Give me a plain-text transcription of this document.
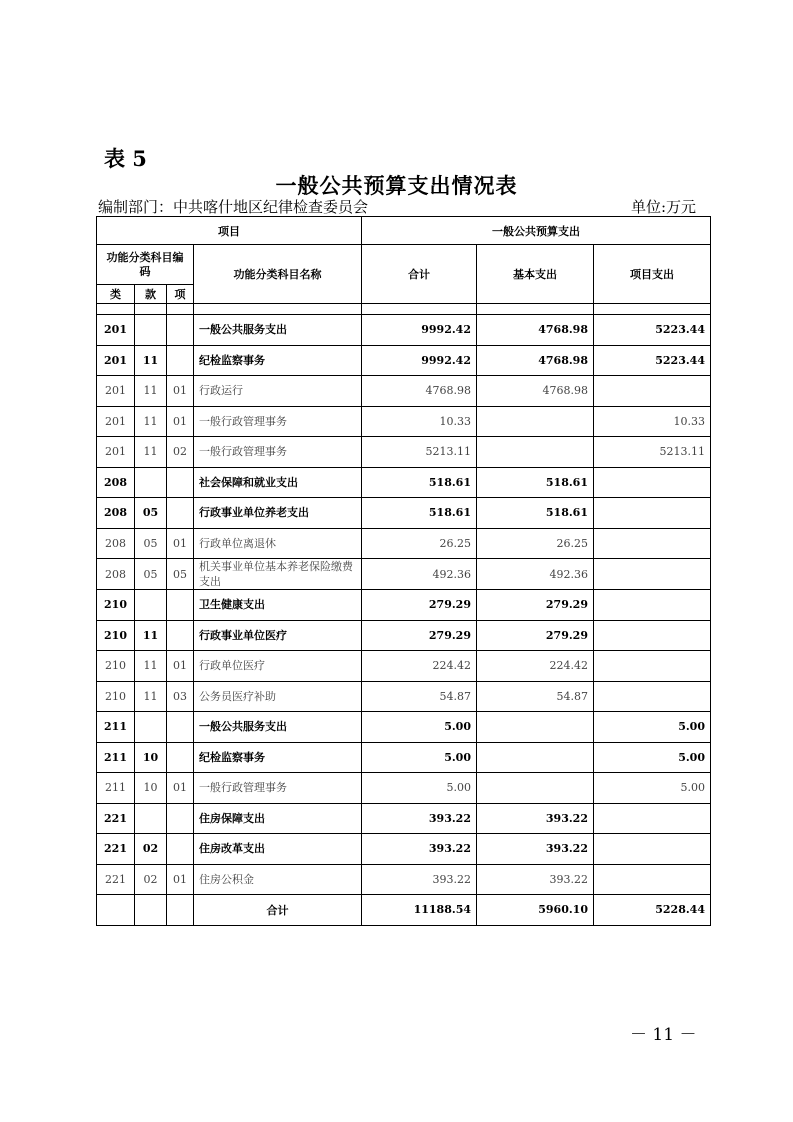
表 5
一般公共预算支出情况表
编制部门：中共喀什地区纪律检查委员会	单位:万元
项目				一般公共预算支出		
功能分类科目编码			功能分类科目名称	合计	基本支出	项目支出
类	款	项				

201			一般公共服务支出	9992.42	4768.98	5223.44
201	11		纪检监察事务	9992.42	4768.98	5223.44
201	11	01	行政运行	4768.98	4768.98	
201	11	01	一般行政管理事务	10.33		10.33
201	11	02	一般行政管理事务	5213.11		5213.11
208			社会保障和就业支出	518.61	518.61	
208	05		行政事业单位养老支出	518.61	518.61	
208	05	01	行政单位离退休	26.25	26.25	
208	05	05	机关事业单位基本养老保险缴费支出	492.36	492.36	
210			卫生健康支出	279.29	279.29	
210	11		行政事业单位医疗	279.29	279.29	
210	11	01	行政单位医疗	224.42	224.42	
210	11	03	公务员医疗补助	54.87	54.87	
211			一般公共服务支出	5.00		5.00
211	10		纪检监察事务	5.00		5.00
211	10	01	一般行政管理事务	5.00		5.00
221			住房保障支出	393.22	393.22	
221	02		住房改革支出	393.22	393.22	
221	02	01	住房公积金	393.22	393.22	
			合计	11188.54	5960.10	5228.44
－ 11 －
